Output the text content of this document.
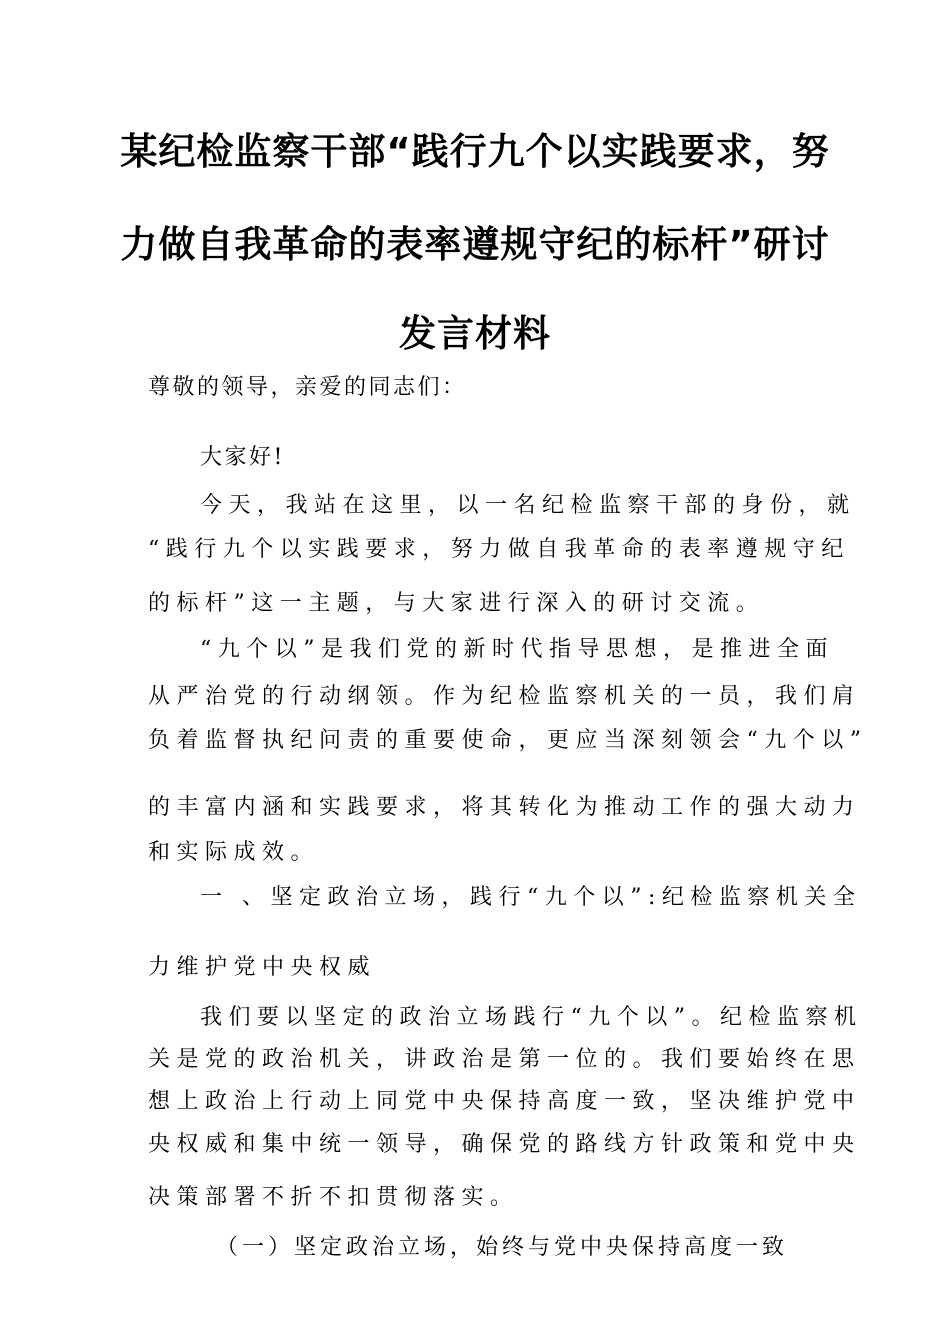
某纪检监察干部“践行九个以实践要求，努
力做自我革命的表率遵规守纪的标杆”研讨
发言材料
尊敬的领导，亲爱的同志们：
大家好!
今天，我站在这里，以一名纪检监察干部的身份，就
“践行九个以实践要求，努力做自我革命的表率遵规守纪
的标杆”这一主题，与大家进行深入的研讨交流。
“九个以”是我们党的新时代指导思想，是推进全面
从严治党的行动纲领。作为纪检监察机关的一员，我们肩
负着监督执纪问责的重要使命，更应当深刻领会“九个以”
的丰富内涵和实践要求，将其转化为推动工作的强大动力
和实际成效。
一 、坚定政治立场，践行“九个以”:纪检监察机关全
力维护党中央权威
我们要以坚定的政治立场践行“九个以”。纪检监察机
关是党的政治机关，讲政治是第一位的。我们要始终在思
想上政治上行动上同党中央保持高度一致，坚决维护党中
央权威和集中统一领导，确保党的路线方针政策和党中央
决策部署不折不扣贯彻落实。
（一）坚定政治立场，始终与党中央保持高度一致
